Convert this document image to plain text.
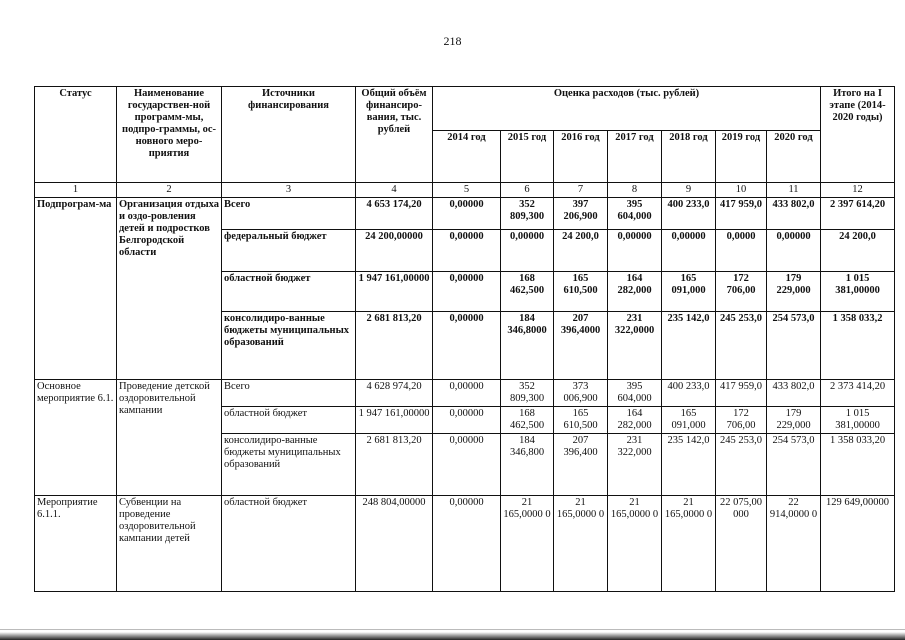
218
Статус	Наименование государствен-ной программ-мы, подпро-граммы, ос-новного меро-приятия	Источники финансирования	Общий объём финансиро-вания, тыс. рублей	Оценка расходов (тыс. рублей)							Итого на I этапе (2014-2020 годы)
				2014 год	2015 год	2016 год	2017 год	2018 год	2019 год	2020 год	
1	2	3	4	5	6	7	8	9	10	11	12
Подпрограм-ма	Организация отдыха и оздо-ровления детей и подростков Белгородской области	Всего	4 653 174,20	0,00000	352 809,300	397 206,900	395 604,000	400 233,0	417 959,0	433 802,0	2 397 614,20
		федеральный бюджет	24 200,00000	0,00000	0,00000	24 200,0	0,00000	0,00000	0,0000	0,00000	24 200,0
		областной бюджет	1 947 161,00000	0,00000	168 462,500	165 610,500	164 282,000	165 091,000	172 706,00	179 229,000	1 015 381,00000
		консолидиро-ванные бюджеты муниципальных образований	2 681 813,20	0,00000	184 346,8000	207 396,4000	231 322,0000	235 142,0	245 253,0	254 573,0	1 358 033,2
Основное мероприятие 6.1.	Проведение детской оздоровительной кампании	Всего	4 628 974,20	0,00000	352 809,300	373 006,900	395 604,000	400 233,0	417 959,0	433 802,0	2 373 414,20
		областной бюджет	1 947 161,00000	0,00000	168 462,500	165 610,500	164 282,000	165 091,000	172 706,00	179 229,000	1 015 381,00000
		консолидиро-ванные бюджеты муниципальных образований	2 681 813,20	0,00000	184 346,800	207 396,400	231 322,000	235 142,0	245 253,0	254 573,0	1 358 033,20
Мероприятие 6.1.1.	Субвенции на проведение оздоровительной кампании детей	областной бюджет	248 804,00000	0,00000	21 165,0000 0	21 165,0000 0	21 165,0000 0	21 165,0000 0	22 075,00 000	22 914,0000 0	129 649,00000
